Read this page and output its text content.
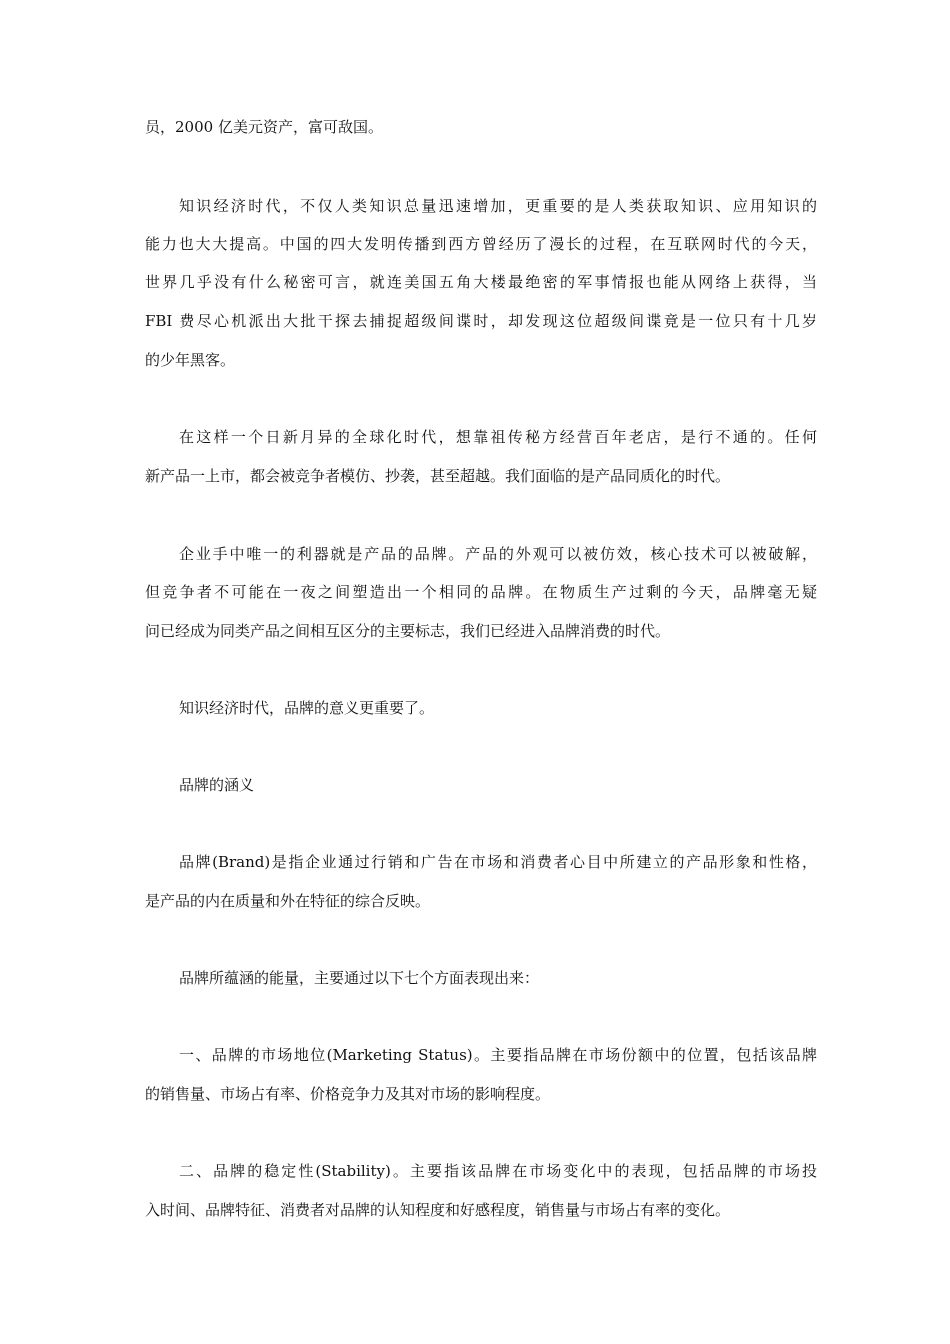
员，2000 亿美元资产，富可敌国。
知识经济时代，不仅人类知识总量迅速增加，更重要的是人类获取知识、应用知识的
能力也大大提高。中国的四大发明传播到西方曾经历了漫长的过程，在互联网时代的今天，
世界几乎没有什么秘密可言，就连美国五角大楼最绝密的军事情报也能从网络上获得，当
FBI 费尽心机派出大批干探去捕捉超级间谍时，却发现这位超级间谍竟是一位只有十几岁
的少年黑客。
在这样一个日新月异的全球化时代，想靠祖传秘方经营百年老店，是行不通的。任何
新产品一上市，都会被竞争者模仿、抄袭，甚至超越。我们面临的是产品同质化的时代。
企业手中唯一的利器就是产品的品牌。产品的外观可以被仿效，核心技术可以被破解，
但竞争者不可能在一夜之间塑造出一个相同的品牌。在物质生产过剩的今天，品牌毫无疑
问已经成为同类产品之间相互区分的主要标志，我们已经进入品牌消费的时代。
知识经济时代，品牌的意义更重要了。
品牌的涵义
品牌(Brand)是指企业通过行销和广告在市场和消费者心目中所建立的产品形象和性格，
是产品的内在质量和外在特征的综合反映。
品牌所蕴涵的能量，主要通过以下七个方面表现出来：
一、品牌的市场地位(Marketing Status)。主要指品牌在市场份额中的位置，包括该品牌
的销售量、市场占有率、价格竞争力及其对市场的影响程度。
二、品牌的稳定性(Stability)。主要指该品牌在市场变化中的表现，包括品牌的市场投
入时间、品牌特征、消费者对品牌的认知程度和好感程度，销售量与市场占有率的变化。
